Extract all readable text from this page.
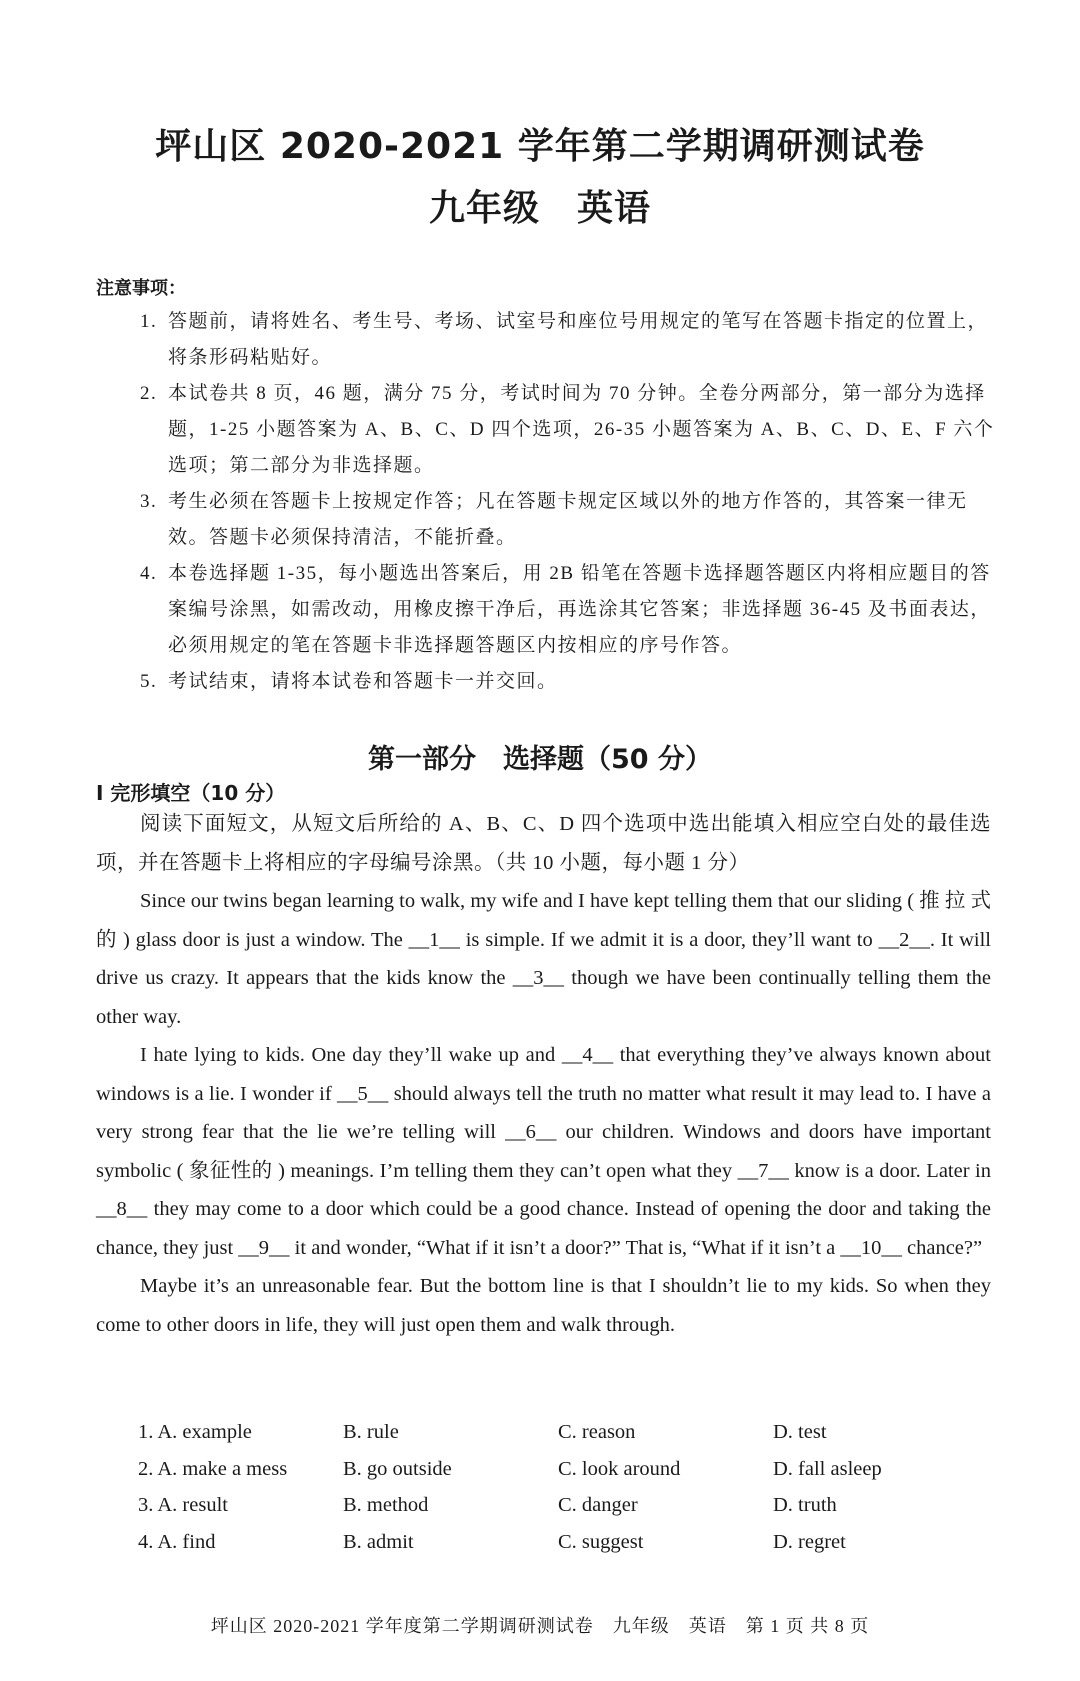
坪山区 2020-2021 学年第二学期调研测试卷
九年级　英语
注意事项：
1. 答题前，请将姓名、考生号、考场、试室号和座位号用规定的笔写在答题卡指定的位置上，将条形码粘贴好。
2. 本试卷共 8 页，46 题，满分 75 分，考试时间为 70 分钟。全卷分两部分，第一部分为选择题，1-25 小题答案为 A、B、C、D 四个选项，26-35 小题答案为 A、B、C、D、E、F 六个选项；第二部分为非选择题。
3. 考生必须在答题卡上按规定作答；凡在答题卡规定区域以外的地方作答的，其答案一律无效。答题卡必须保持清洁，不能折叠。
4. 本卷选择题 1-35，每小题选出答案后，用 2B 铅笔在答题卡选择题答题区内将相应题目的答案编号涂黑，如需改动，用橡皮擦干净后，再选涂其它答案；非选择题 36-45 及书面表达，必须用规定的笔在答题卡非选择题答题区内按相应的序号作答。
5. 考试结束，请将本试卷和答题卡一并交回。
第一部分　选择题（50 分）
I 完形填空（10 分）

阅读下面短文，从短文后所给的 A、B、C、D 四个选项中选出能填入相应空白处的最佳选项，并在答题卡上将相应的字母编号涂黑。（共 10 小题，每小题 1 分）

Since our twins began learning to walk, my wife and I have kept telling them that our sliding ( 推 拉 式 的 ) glass door is just a window. The __1__ is simple. If we admit it is a door, they’ll want to __2__. It will drive us crazy. It appears that the kids know the __3__ though we have been continually telling them the other way.

I hate lying to kids. One day they’ll wake up and __4__ that everything they’ve always known about windows is a lie. I wonder if __5__ should always tell the truth no matter what result it may lead to. I have a very strong fear that the lie we’re telling will __6__ our children. Windows and doors have important symbolic ( 象征性的 ) meanings. I’m telling them they can’t open what they __7__ know is a door. Later in __8__ they may come to a door which could be a good chance. Instead of opening the door and taking the chance, they just __9__ it and wonder, “What if it isn’t a door?” That is, “What if it isn’t a __10__ chance?”

Maybe it’s an unreasonable fear. But the bottom line is that I shouldn’t lie to my kids. So when they come to other doors in life, they will just open them and walk through.

1. A. example	B. rule	C. reason	D. test
2. A. make a mess	B. go outside	C. look around	D. fall asleep
3. A. result	B. method	C. danger	D. truth
4. A. find	B. admit	C. suggest	D. regret
坪山区 2020-2021 学年度第二学期调研测试卷　九年级　英语　第 1 页 共 8 页
